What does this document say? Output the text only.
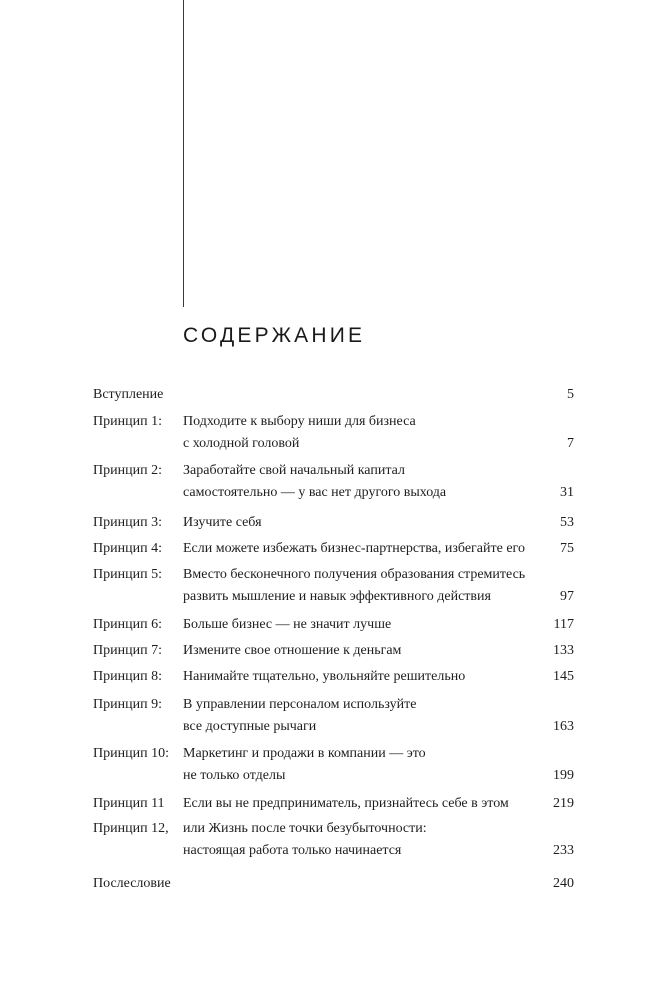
СОДЕРЖАНИЕ
Вступление	5
Принцип 1: Подходите к выбору ниши для бизнеса
с холодной головой	7
Принцип 2: Заработайте свой начальный капитал
самостоятельно — у вас нет другого выхода	31
Принцип 3: Изучите себя	53
Принцип 4: Если можете избежать бизнес-партнерства, избегайте его	75
Принцип 5: Вместо бесконечного получения образования стремитесь
развить мышление и навык эффективного действия	97
Принцип 6: Больше бизнес — не значит лучше	117
Принцип 7: Измените свое отношение к деньгам	133
Принцип 8: Нанимайте тщательно, увольняйте решительно	145
Принцип 9: В управлении персоналом используйте
все доступные рычаги	163
Принцип 10: Маркетинг и продажи в компании — это
не только отделы	199
Принцип 11 Если вы не предприниматель, признайтесь себе в этом	219
Принцип 12, или Жизнь после точки безубыточности:
настоящая работа только начинается	233
Послесловие	240
